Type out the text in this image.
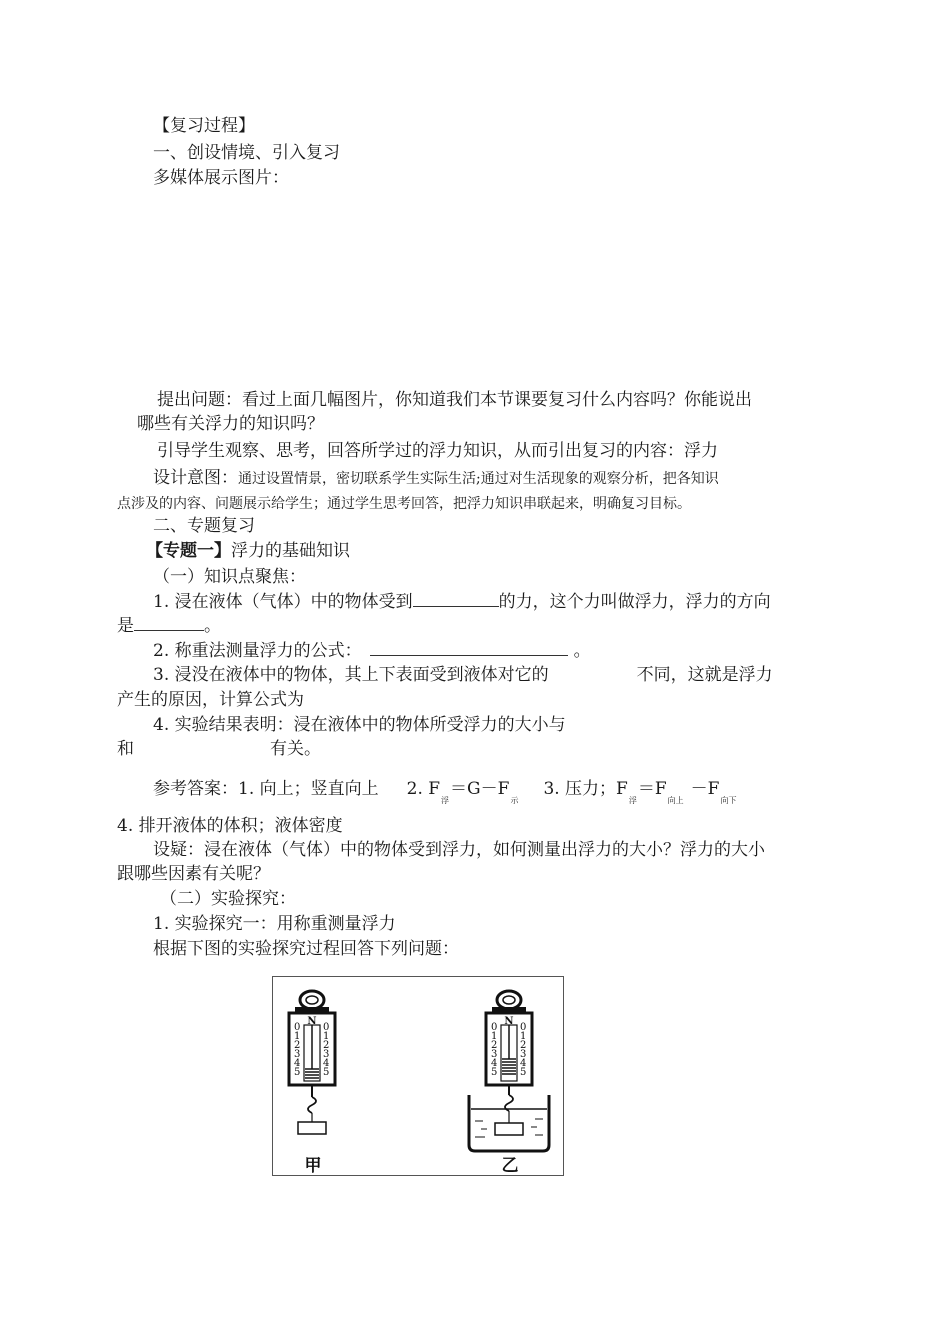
【复习过程】
一、创设情境、引入复习
多媒体展示图片：
提出问题：看过上面几幅图片，你知道我们本节课要复习什么内容吗？你能说出
哪些有关浮力的知识吗？
引导学生观察、思考，回答所学过的浮力知识，从而引出复习的内容：浮力
设计意图：通过设置情景，密切联系学生实际生活;通过对生活现象的观察分析，把各知识
点涉及的内容、问题展示给学生；通过学生思考回答，把浮力知识串联起来，明确复习目标。
二、专题复习
【专题一】浮力的基础知识
（一）知识点聚焦：
1. 浸在液体（气体）中的物体受到	的力，这个力叫做浮力，浮力的方向
是	。
2. 称重法测量浮力的公式：	。
3. 浸没在液体中的物体，其上下表面受到液体对它的	不同，这就是浮力
产生的原因，计算公式为
4. 实验结果表明：浸在液体中的物体所受浮力的大小与
和	有关。
参考答案：1. 向上；竖直向上 2. $F_浮=G-F_示3$. 压力；$F_浮=F_{向上}-F_{向下}$
4. 排开液体的体积；液体密度
设疑：浸在液体（气体）中的物体受到浮力，如何测量出浮力的大小？浮力的大小
跟哪些因素有关呢？
（二）实验探究：
1. 实验探究一：用称重测量浮力
根据下图的实验探究过程回答下列问题：
N
0
1
2
3
4
5
0
1
2
3
4
5
N
0
1
2
3
4
5
0
1
2
3
4
5
甲	乙
